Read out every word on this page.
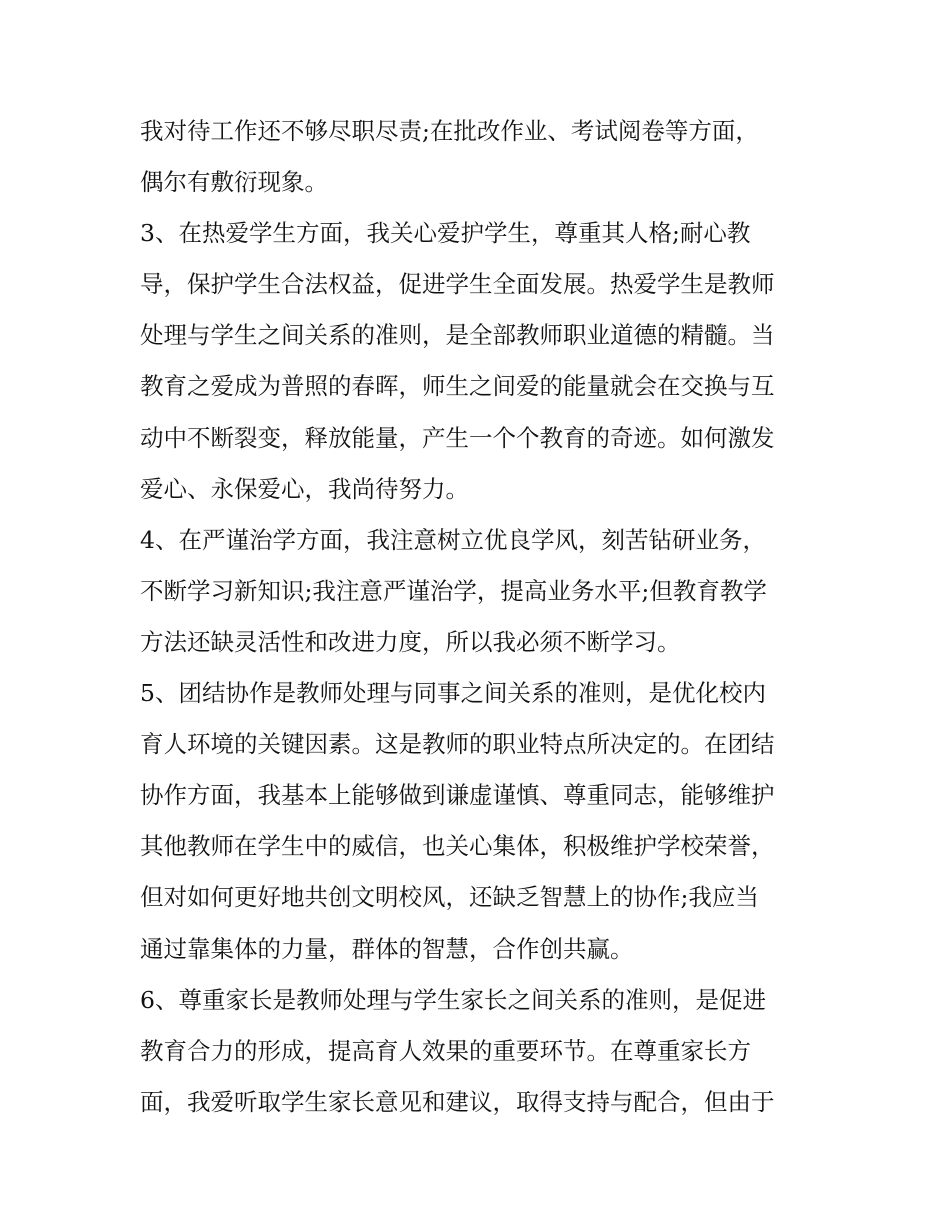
我对待工作还不够尽职尽责;在批改作业、考试阅卷等方面，
偶尔有敷衍现象。
3、在热爱学生方面，我关心爱护学生，尊重其人格;耐心教
导，保护学生合法权益，促进学生全面发展。热爱学生是教师
处理与学生之间关系的准则，是全部教师职业道德的精髓。当
教育之爱成为普照的春晖，师生之间爱的能量就会在交换与互
动中不断裂变，释放能量，产生一个个教育的奇迹。如何激发
爱心、永保爱心，我尚待努力。
4、在严谨治学方面，我注意树立优良学风，刻苦钻研业务，
不断学习新知识;我注意严谨治学，提高业务水平;但教育教学
方法还缺灵活性和改进力度，所以我必须不断学习。
5、团结协作是教师处理与同事之间关系的准则，是优化校内
育人环境的关键因素。这是教师的职业特点所决定的。在团结
协作方面，我基本上能够做到谦虚谨慎、尊重同志，能够维护
其他教师在学生中的威信，也关心集体，积极维护学校荣誉，
但对如何更好地共创文明校风，还缺乏智慧上的协作;我应当
通过靠集体的力量，群体的智慧，合作创共赢。
6、尊重家长是教师处理与学生家长之间关系的准则，是促进
教育合力的形成，提高育人效果的重要环节。在尊重家长方
面，我爱听取学生家长意见和建议，取得支持与配合，但由于
